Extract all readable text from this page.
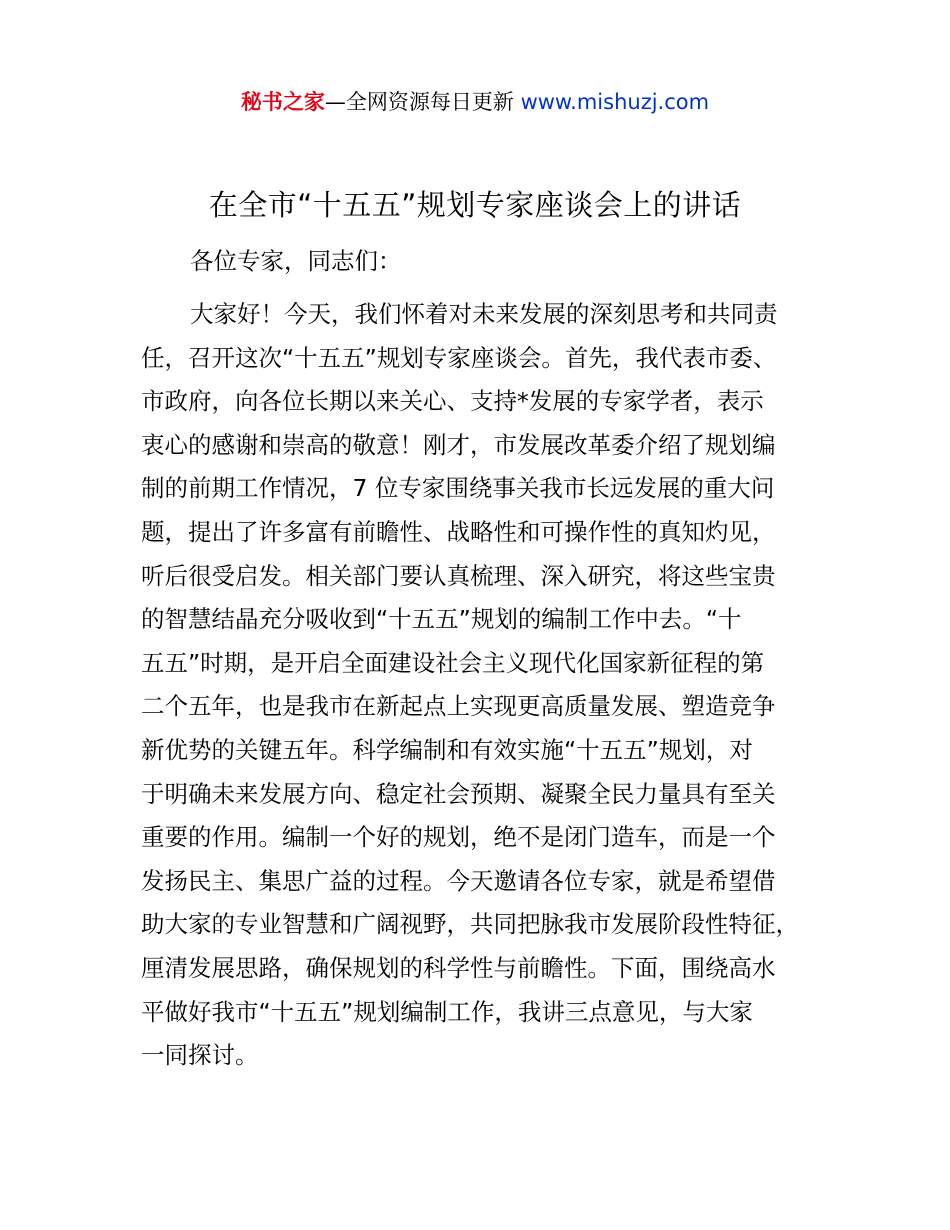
秘书之家—全网资源每日更新 www.mishuzj.com
在全市“十五五”规划专家座谈会上的讲话

各位专家，同志们：

大家好！今天，我们怀着对未来发展的深刻思考和共同责
任，召开这次“十五五”规划专家座谈会。首先，我代表市委、
市政府，向各位长期以来关心、支持*发展的专家学者，表示
衷心的感谢和崇高的敬意！刚才，市发展改革委介绍了规划编
制的前期工作情况，7 位专家围绕事关我市长远发展的重大问
题，提出了许多富有前瞻性、战略性和可操作性的真知灼见，
听后很受启发。相关部门要认真梳理、深入研究，将这些宝贵
的智慧结晶充分吸收到“十五五”规划的编制工作中去。“十
五五”时期，是开启全面建设社会主义现代化国家新征程的第
二个五年，也是我市在新起点上实现更高质量发展、塑造竞争
新优势的关键五年。科学编制和有效实施“十五五”规划，对
于明确未来发展方向、稳定社会预期、凝聚全民力量具有至关
重要的作用。编制一个好的规划，绝不是闭门造车，而是一个
发扬民主、集思广益的过程。今天邀请各位专家，就是希望借
助大家的专业智慧和广阔视野，共同把脉我市发展阶段性特征，
厘清发展思路，确保规划的科学性与前瞻性。下面，围绕高水
平做好我市“十五五”规划编制工作，我讲三点意见，与大家
一同探讨。
